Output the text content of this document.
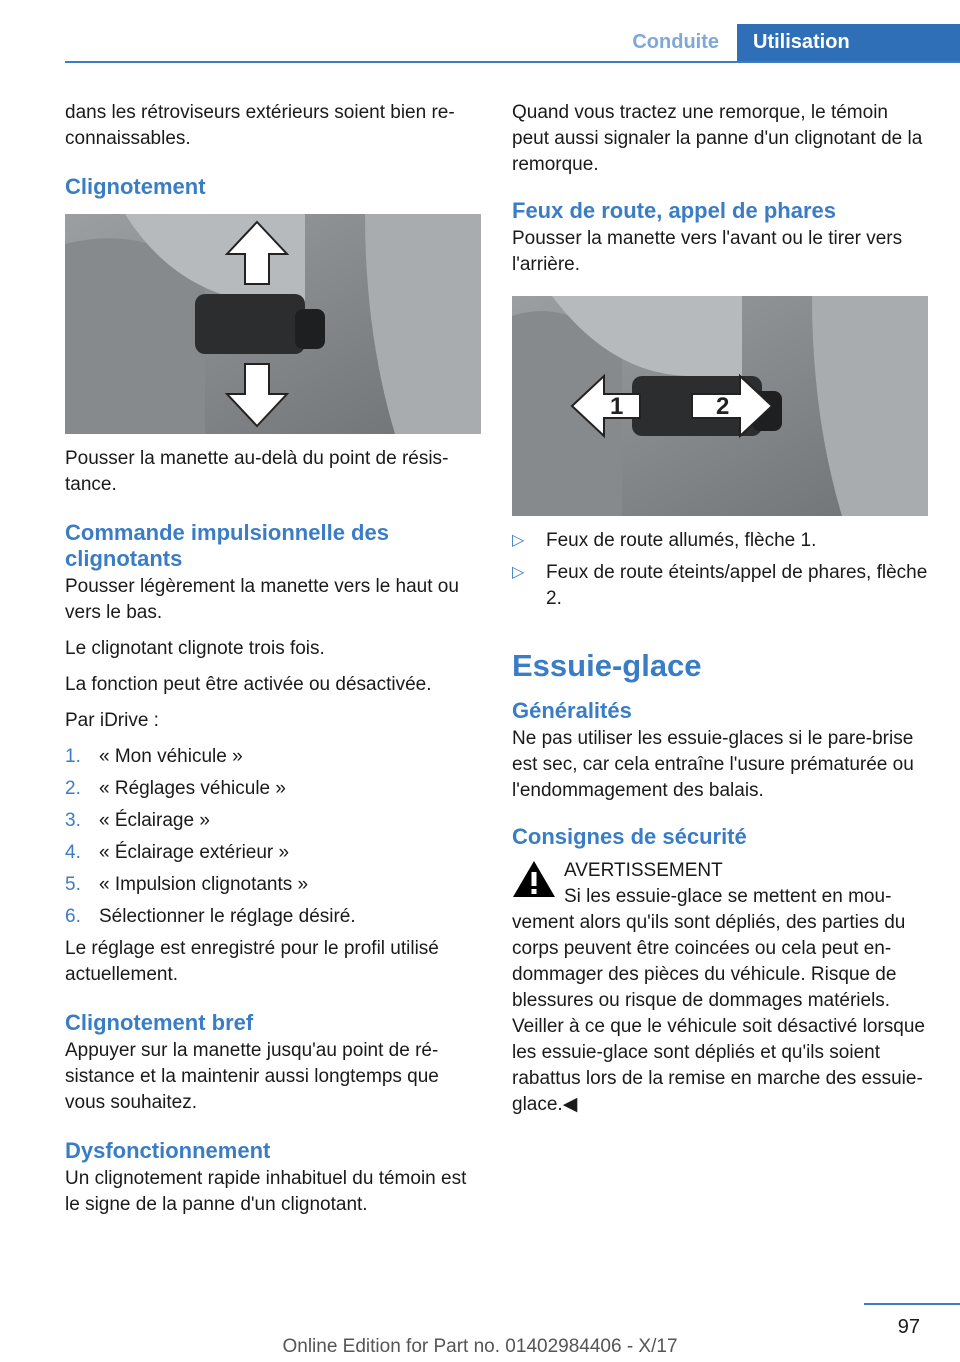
Conduite	Utilisation

dans les rétroviseurs extérieurs soient bien reconnaissables.

Clignotement

Pousser la manette au-delà du point de résistance.

Commande impulsionnelle des clignotants

Pousser légèrement la manette vers le haut ou vers le bas.

Le clignotant clignote trois fois.

La fonction peut être activée ou désactivée.

Par iDrive :

1. « Mon véhicule »
2. « Réglages véhicule »
3. « Éclairage »
4. « Éclairage extérieur »
5. « Impulsion clignotants »
6. Sélectionner le réglage désiré.

Le réglage est enregistré pour le profil utilisé actuellement.

Clignotement bref

Appuyer sur la manette jusqu'au point de résistance et la maintenir aussi longtemps que vous souhaitez.

Dysfonctionnement

Un clignotement rapide inhabituel du témoin est le signe de la panne d'un clignotant.

Quand vous tractez une remorque, le témoin peut aussi signaler la panne d'un clignotant de la remorque.

Feux de route, appel de phares

Pousser la manette vers l'avant ou le tirer vers l'arrière.

1	2
▷ Feux de route allumés, flèche 1.
▷ Feux de route éteints/appel de phares, flèche 2.
Essuie-glace
Généralités

Ne pas utiliser les essuie-glaces si le pare-brise est sec, car cela entraîne l'usure prématurée ou l'endommagement des balais.

Consignes de sécurité

AVERTISSEMENT

Si les essuie-glace se mettent en mouvement alors qu'ils sont dépliés, des parties du corps peuvent être coincées ou cela peut endommager des pièces du véhicule. Risque de blessures ou risque de dommages matériels. Veiller à ce que le véhicule soit désactivé lorsque les essuie-glace sont dépliés et qu'ils soient rabattus lors de la remise en marche des essuie-glace.◀

97
Online Edition for Part no. 01402984406 - X/17
